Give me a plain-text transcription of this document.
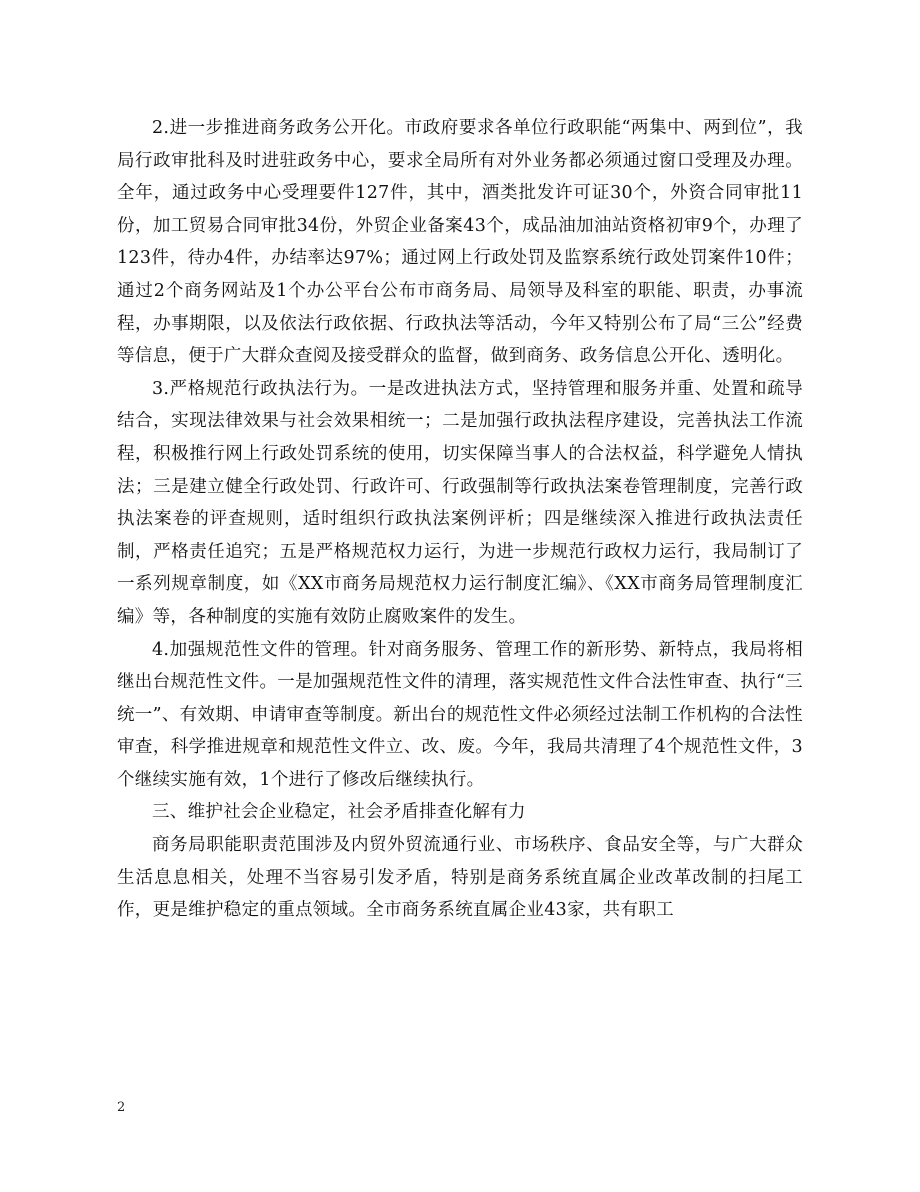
2.进一步推进商务政务公开化。市政府要求各单位行政职能“两集中、两到位”，我局行政审批科及时进驻政务中心，要求全局所有对外业务都必须通过窗口受理及办理。全年，通过政务中心受理要件127件，其中，酒类批发许可证30个，外资合同审批11份，加工贸易合同审批34份，外贸企业备案43个，成品油加油站资格初审9个，办理了123件，待办4件，办结率达97%；通过网上行政处罚及监察系统行政处罚案件10件；通过2个商务网站及1个办公平台公布市商务局、局领导及科室的职能、职责，办事流程，办事期限，以及依法行政依据、行政执法等活动，今年又特别公布了局“三公”经费等信息，便于广大群众查阅及接受群众的监督，做到商务、政务信息公开化、透明化。

3.严格规范行政执法行为。一是改进执法方式，坚持管理和服务并重、处置和疏导结合，实现法律效果与社会效果相统一；二是加强行政执法程序建设，完善执法工作流程，积极推行网上行政处罚系统的使用，切实保障当事人的合法权益，科学避免人情执法；三是建立健全行政处罚、行政许可、行政强制等行政执法案卷管理制度，完善行政执法案卷的评查规则，适时组织行政执法案例评析；四是继续深入推进行政执法责任制，严格责任追究；五是严格规范权力运行，为进一步规范行政权力运行，我局制订了一系列规章制度，如《XX市商务局规范权力运行制度汇编》、《XX市商务局管理制度汇编》等，各种制度的实施有效防止腐败案件的发生。

4.加强规范性文件的管理。针对商务服务、管理工作的新形势、新特点，我局将相继出台规范性文件。一是加强规范性文件的清理，落实规范性文件合法性审查、执行“三统一”、有效期、申请审查等制度。新出台的规范性文件必须经过法制工作机构的合法性审查，科学推进规章和规范性文件立、改、废。今年，我局共清理了4个规范性文件，3个继续实施有效，1个进行了修改后继续执行。

三、维护社会企业稳定，社会矛盾排查化解有力

商务局职能职责范围涉及内贸外贸流通行业、市场秩序、食品安全等，与广大群众生活息息相关，处理不当容易引发矛盾，特别是商务系统直属企业改革改制的扫尾工作，更是维护稳定的重点领域。全市商务系统直属企业43家，共有职工

2
